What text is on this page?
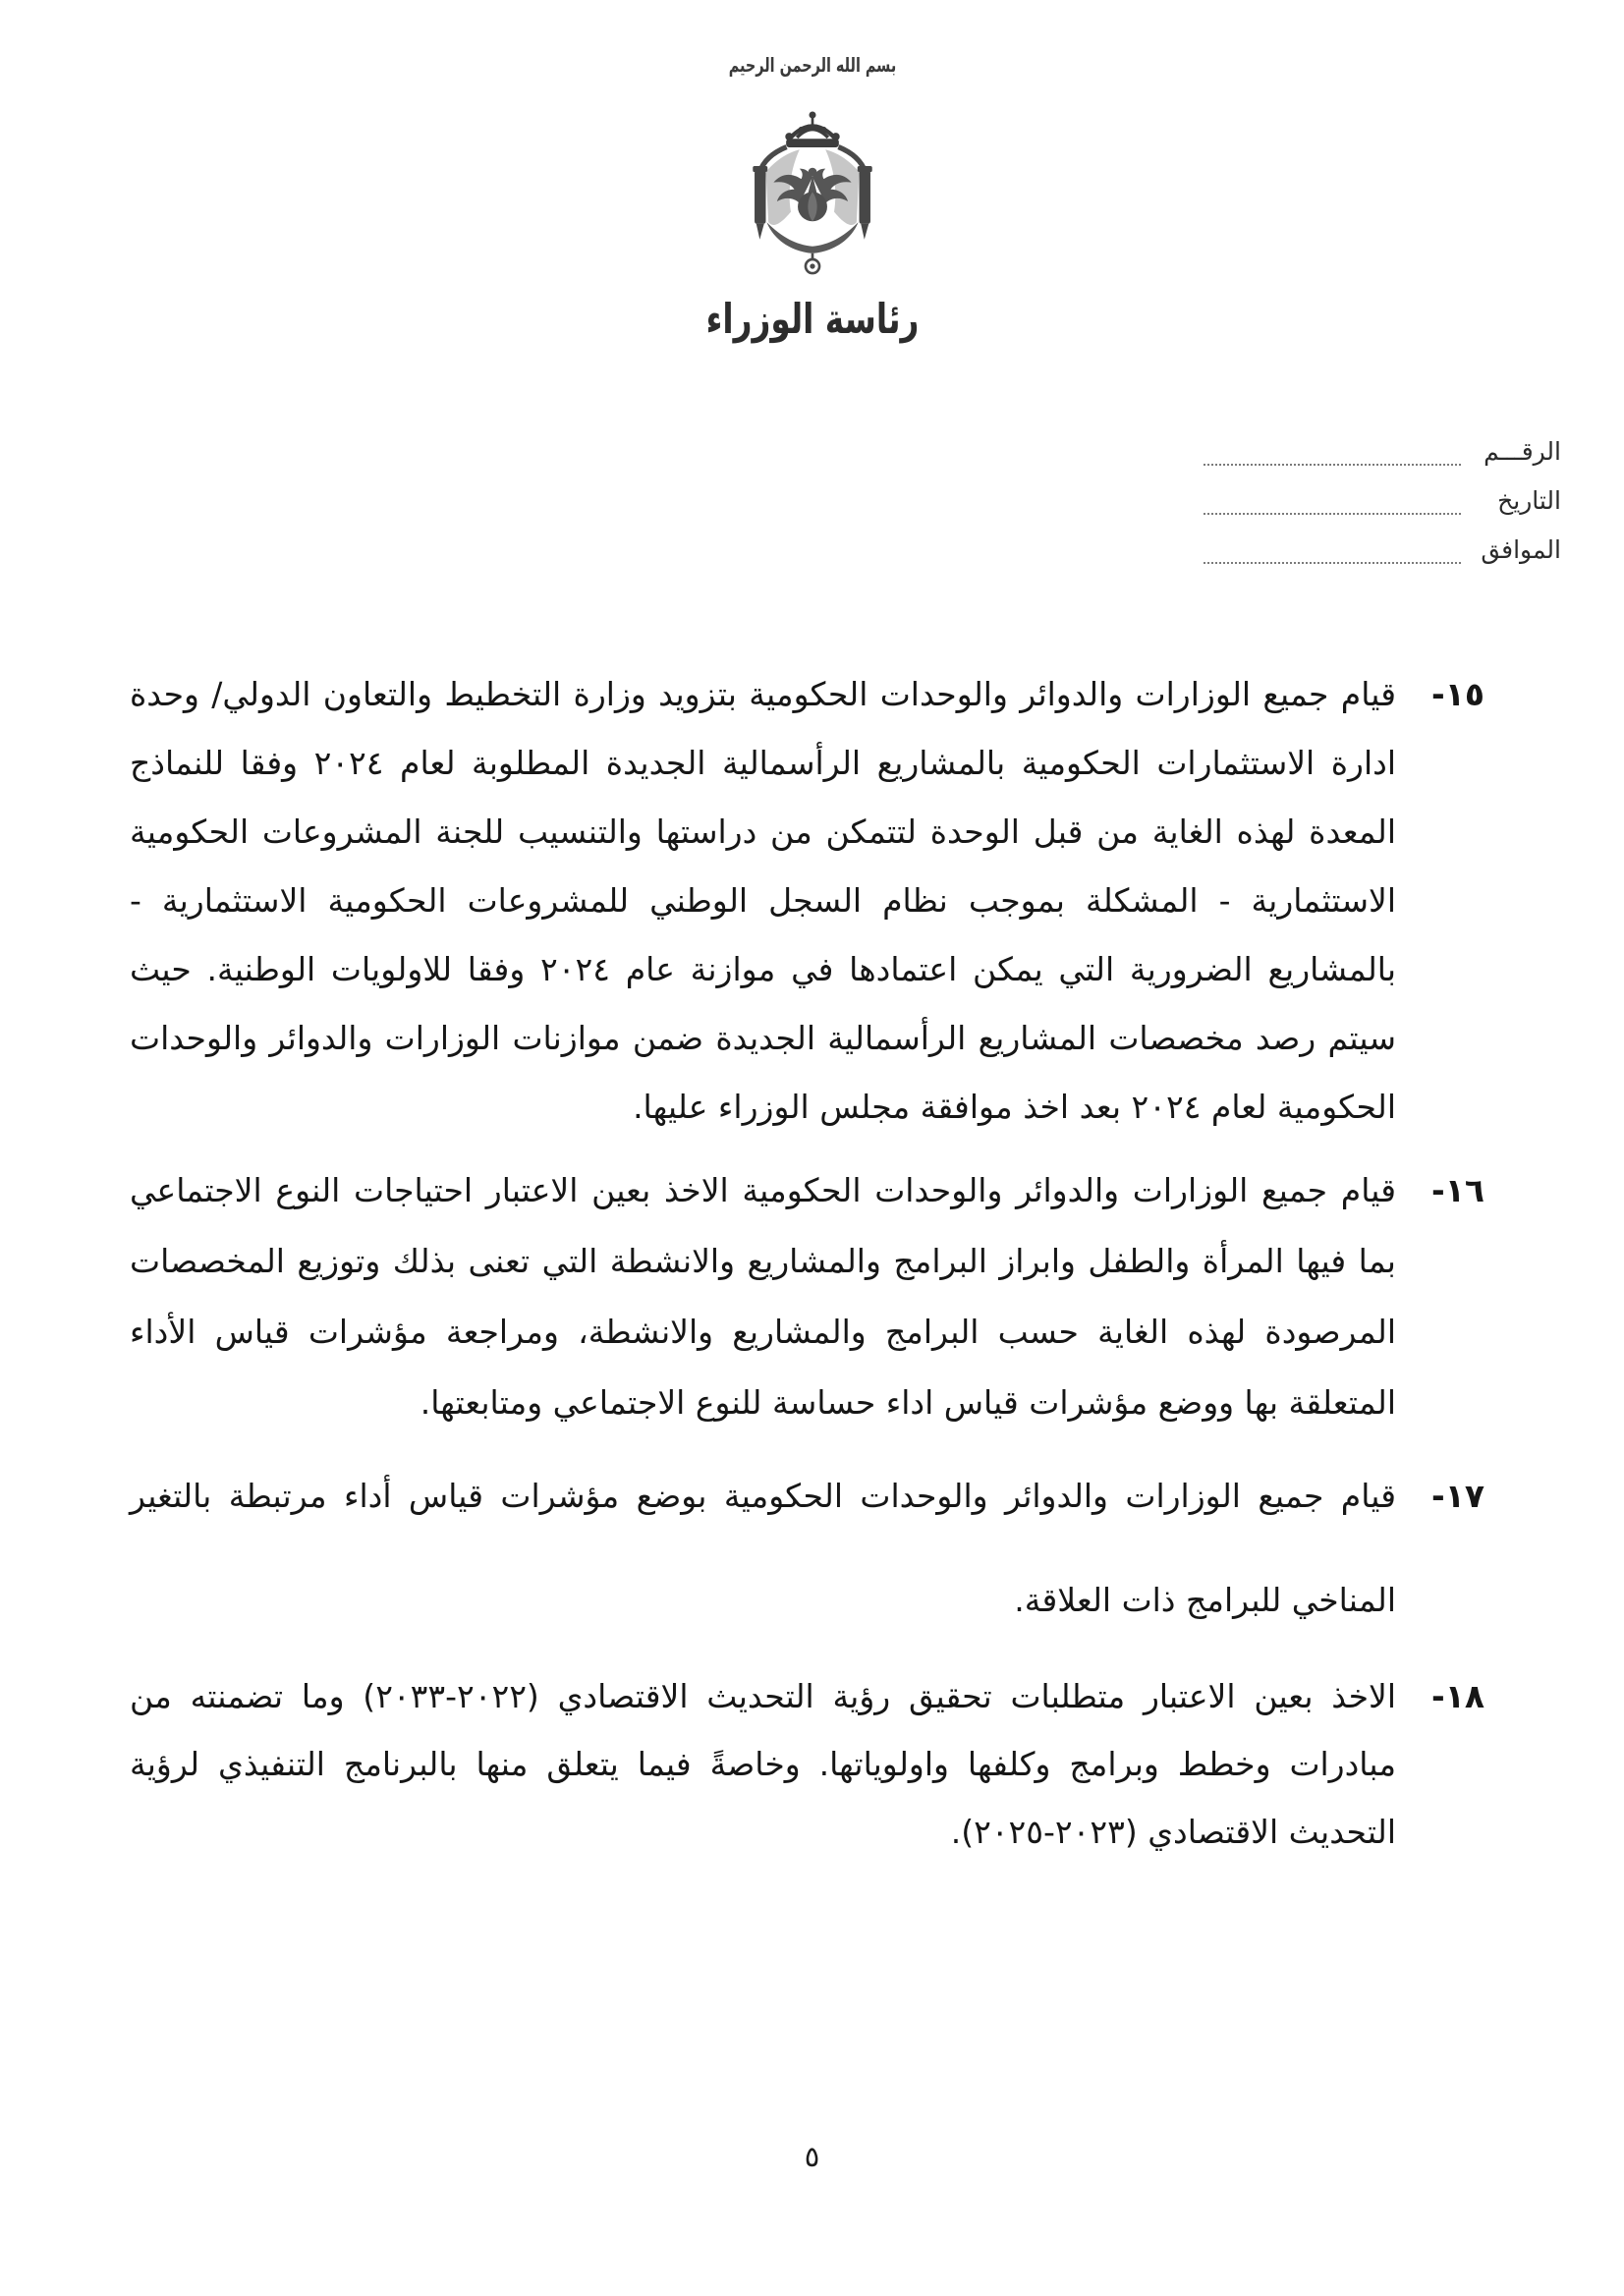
بسم الله الرحمن الرحيم
رئاسة الوزراء
الرقـــم
التاريخ
الموافق
١٥-
قيام جميع الوزارات والدوائر والوحدات الحكومية بتزويد وزارة التخطيط والتعاون الدولي/ وحدة ادارة الاستثمارات الحكومية بالمشاريع الرأسمالية الجديدة المطلوبة لعام ٢٠٢٤ وفقا للنماذج المعدة لهذه الغاية من قبل الوحدة لتتمكن من دراستها والتنسيب للجنة المشروعات الحكومية الاستثمارية - المشكلة بموجب نظام السجل الوطني للمشروعات الحكومية الاستثمارية - بالمشاريع الضرورية التي يمكن اعتمادها في موازنة عام ٢٠٢٤ وفقا للاولويات الوطنية. حيث سيتم رصد مخصصات المشاريع الرأسمالية الجديدة ضمن موازنات الوزارات والدوائر والوحدات الحكومية لعام ٢٠٢٤ بعد اخذ موافقة مجلس الوزراء عليها.
١٦-
قيام جميع الوزارات والدوائر والوحدات الحكومية الاخذ بعين الاعتبار احتياجات النوع الاجتماعي بما فيها المرأة والطفل وابراز البرامج والمشاريع والانشطة التي تعنى بذلك وتوزيع المخصصات المرصودة لهذه الغاية حسب البرامج والمشاريع والانشطة، ومراجعة مؤشرات قياس الأداء المتعلقة بها ووضع مؤشرات قياس اداء حساسة للنوع الاجتماعي ومتابعتها.
١٧-
قيام جميع الوزارات والدوائر والوحدات الحكومية بوضع مؤشرات قياس أداء مرتبطة بالتغير المناخي للبرامج ذات العلاقة.
١٨-
الاخذ بعين الاعتبار متطلبات تحقيق رؤية التحديث الاقتصادي (٢٠٢٢-٢٠٣٣) وما تضمنته من مبادرات وخطط وبرامج وكلفها واولوياتها. وخاصةً فيما يتعلق منها بالبرنامج التنفيذي لرؤية التحديث الاقتصادي (٢٠٢٣-٢٠٢٥).
٥
